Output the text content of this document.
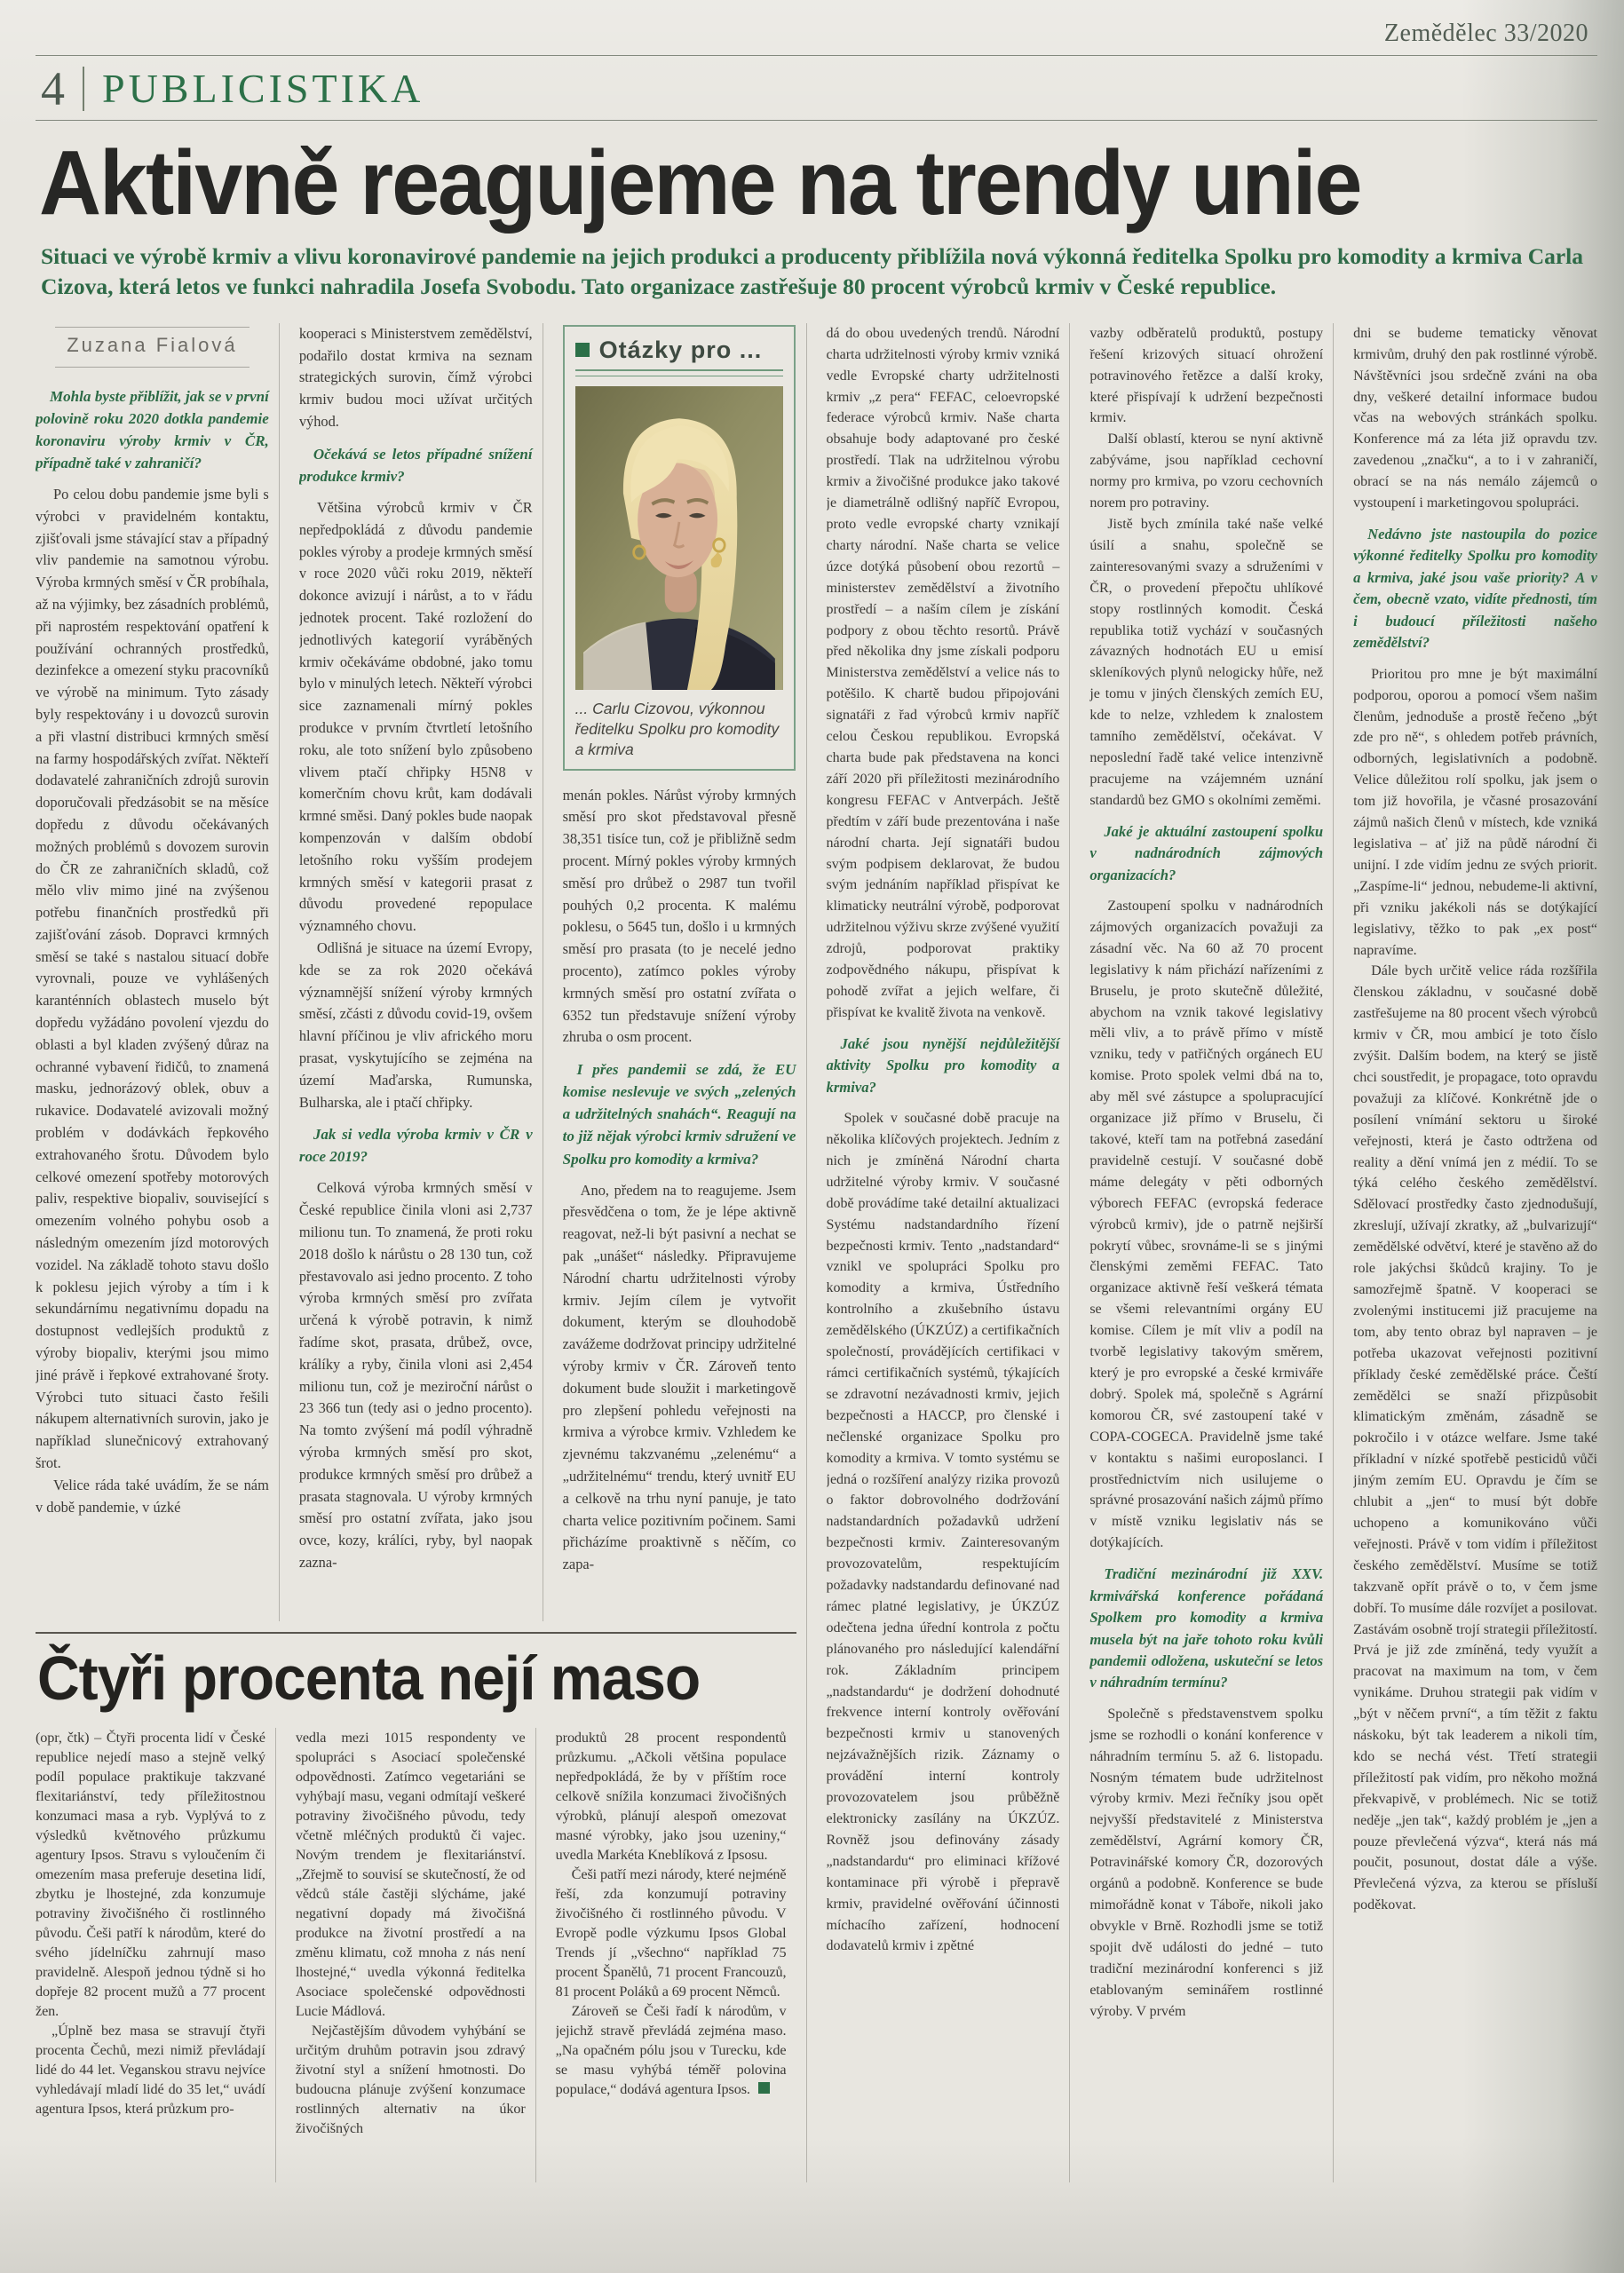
Zemědělec 33/2020
4 PUBLICISTIKA
Aktivně reagujeme na trendy unie
Situaci ve výrobě krmiv a vlivu koronavirové pandemie na jejich produkci a producenty přiblížila nová výkonná ředitelka Spolku pro komodity a krmiva Carla Cizova, která letos ve funkci nahradila Josefa Svobodu. Tato organizace zastřešuje 80 procent výrobců krmiv v České republice.
Zuzana Fialová

Mohla byste přiblížit, jak se v první polovině roku 2020 dotkla pandemie koronaviru výroby krmiv v ČR, případně také v zahraničí?

Po celou dobu pandemie jsme byli s výrobci v pravidelném kontaktu, zjišťovali jsme stávající stav a případný vliv pandemie na samotnou výrobu. Výroba krmných směsí v ČR probíhala, až na výjimky, bez zásadních problémů, při naprostém respektování opatření k používání ochranných prostředků, dezinfekce a omezení styku pracovníků ve výrobě na minimum. Tyto zásady byly respektovány i u dovozců surovin a při vlastní distribuci krmných směsí na farmy hospodářských zvířat. Někteří dodavatelé zahraničních zdrojů surovin doporučovali předzásobit se na měsíce dopředu z důvodu očekávaných možných problémů s dovozem surovin do ČR ze zahraničních skladů, což mělo vliv mimo jiné na zvýšenou potřebu finančních prostředků při zajišťování zásob. Dopravci krmných směsí se také s nastalou situací dobře vyrovnali, pouze ve vyhlášených karanténních oblastech muselo být dopředu vyžádáno povolení vjezdu do oblasti a byl kladen zvýšený důraz na ochranné vybavení řidičů, to znamená masku, jednorázový oblek, obuv a rukavice. Dodavatelé avizovali možný problém v dodávkách řepkového extrahovaného šrotu. Důvodem bylo celkové omezení spotřeby motorových paliv, respektive biopaliv, související s omezením volného pohybu osob a následným omezením jízd motorových vozidel. Na základě tohoto stavu došlo k poklesu jejich výroby a tím i k sekundárnímu negativnímu dopadu na dostupnost vedlejších produktů z výroby biopaliv, kterými jsou mimo jiné právě i řepkové extrahované šroty. Výrobci tuto situaci často řešili nákupem alternativních surovin, jako je například slunečnicový extrahovaný šrot.

Velice ráda také uvádím, že se nám v době pandemie, v úzké

kooperaci s Ministerstvem zemědělství, podařilo dostat krmiva na seznam strategických surovin, čímž výrobci krmiv budou moci užívat určitých výhod.

Očekává se letos případné snížení produkce krmiv?

Většina výrobců krmiv v ČR nepředpokládá z důvodu pandemie pokles výroby a prodeje krmných směsí v roce 2020 vůči roku 2019, někteří dokonce avizují i nárůst, a to v řádu jednotek procent. Také rozložení do jednotlivých kategorií vyráběných krmiv očekáváme obdobné, jako tomu bylo v minulých letech. Někteří výrobci sice zaznamenali mírný pokles produkce v prvním čtvrtletí letošního roku, ale toto snížení bylo způsobeno vlivem ptačí chřipky H5N8 v komerčním chovu krůt, kam dodávali krmné směsi. Daný pokles bude naopak kompenzován v dalším období letošního roku vyšším prodejem krmných směsí v kategorii prasat z důvodu provedené repopulace významného chovu.

Odlišná je situace na území Evropy, kde se za rok 2020 očekává významnější snížení výroby krmných směsí, zčásti z důvodu covid-19, ovšem hlavní příčinou je vliv afrického moru prasat, vyskytujícího se zejména na území Maďarska, Rumunska, Bulharska, ale i ptačí chřipky.

Jak si vedla výroba krmiv v ČR v roce 2019?

Celková výroba krmných směsí v České republice činila vloni asi 2,737 milionu tun. To znamená, že proti roku 2018 došlo k nárůstu o 28 130 tun, což přestavovalo asi jedno procento. Z toho výroba krmných směsí pro zvířata určená k výrobě potravin, k nimž řadíme skot, prasata, drůbež, ovce, králíky a ryby, činila vloni asi 2,454 milionu tun, což je meziroční nárůst o 23 366 tun (tedy asi o jedno procento). Na tomto zvýšení má podíl výhradně výroba krmných směsí pro skot, produkce krmných směsí pro drůbež a prasata stagnovala. U výroby krmných směsí pro ostatní zvířata, jako jsou ovce, kozy, králíci, ryby, byl naopak zazna-

Otázky pro ...
... Carlu Cizovou, výkonnou ředitelku Spolku pro komodity a krmiva

menán pokles. Nárůst výroby krmných směsí pro skot představoval přesně 38,351 tisíce tun, což je přibližně sedm procent. Mírný pokles výroby krmných směsí pro drůbež o 2987 tun tvořil pouhých 0,2 procenta. K malému poklesu, o 5645 tun, došlo i u krmných směsí pro prasata (to je necelé jedno procento), zatímco pokles výroby krmných směsí pro ostatní zvířata o 6352 tun představuje snížení výroby zhruba o osm procent.

I přes pandemii se zdá, že EU komise neslevuje ve svých „zelených a udržitelných snahách“. Reagují na to již nějak výrobci krmiv sdružení ve Spolku pro komodity a krmiva?

Ano, předem na to reagujeme. Jsem přesvědčena o tom, že je lépe aktivně reagovat, než-li být pasivní a nechat se pak „unášet“ následky. Připravujeme Národní chartu udržitelnosti výroby krmiv. Jejím cílem je vytvořit dokument, kterým se dlouhodobě zavážeme dodržovat principy udržitelné výroby krmiv v ČR. Zároveň tento dokument bude sloužit i marketingově pro zlepšení pohledu veřejnosti na krmiva a výrobce krmiv. Vzhledem ke zjevnému takzvanému „zelenému“ a „udržitelnému“ trendu, který uvnitř EU a celkově na trhu nyní panuje, je tato charta velice pozitivním počinem. Sami přicházíme proaktivně s něčím, co zapa-

dá do obou uvedených trendů. Národní charta udržitelnosti výroby krmiv vzniká vedle Evropské charty udržitelnosti krmiv „z pera“ FEFAC, celoevropské federace výrobců krmiv. Naše charta obsahuje body adaptované pro české prostředí. Tlak na udržitelnou výrobu krmiv a živočišné produkce jako takové je diametrálně odlišný napříč Evropou, proto vedle evropské charty vznikají charty národní. Naše charta se velice úzce dotýká působení obou rezortů – ministerstev zemědělství a životního prostředí – a naším cílem je získání podpory z obou těchto resortů. Právě před několika dny jsme získali podporu Ministerstva zemědělství a velice nás to potěšilo. K chartě budou připojováni signatáři z řad výrobců krmiv napříč celou Českou republikou. Evropská charta bude pak představena na konci září 2020 při příležitosti mezinárodního kongresu FEFAC v Antverpách. Ještě předtím v září bude prezentována i naše národní charta. Její signatáři budou svým podpisem deklarovat, že budou svým jednáním například přispívat ke klimaticky neutrální výrobě, podporovat udržitelnou výživu skrze zvýšené využití zdrojů, podporovat praktiky zodpovědného nákupu, přispívat k pohodě zvířat a jejich welfare, či přispívat ke kvalitě života na venkově.

Jaké jsou nynější nejdůležitější aktivity Spolku pro komodity a krmiva?

Spolek v současné době pracuje na několika klíčových projektech. Jedním z nich je zmíněná Národní charta udržitelné výroby krmiv. V současné době provádíme také detailní aktualizaci Systému nadstandardního řízení bezpečnosti krmiv. Tento „nadstandard“ vznikl ve spolupráci Spolku pro komodity a krmiva, Ústředního kontrolního a zkušebního ústavu zemědělského (ÚKZÚZ) a certifikačních společností, provádějících certifikaci v rámci certifikačních systémů, týkajících se zdravotní nezávadnosti krmiv, jejich bezpečnosti a HACCP, pro členské i nečlenské organizace Spolku pro komodity a krmiva. V tomto systému se jedná o rozšíření analýzy rizika provozů o faktor dobrovolného dodržování nadstandardních požadavků udržení bezpečnosti krmiv. Zainteresovaným provozovatelům, respektujícím požadavky nadstandardu definované nad rámec platné legislativy, je ÚKZÚZ odečtena jedna úřední kontrola z počtu plánovaného pro následující kalendářní rok. Základním principem „nadstandardu“ je dodržení dohodnuté frekvence interní kontroly ověřování bezpečnosti krmiv u stanovených nejzávažnějších rizik. Záznamy o provádění interní kontroly provozovatelem jsou průběžně elektronicky zasílány na ÚKZÚZ. Rovněž jsou definovány zásady „nadstandardu“ pro eliminaci křížové kontaminace při výrobě i přepravě krmiv, pravidelné ověřování účinnosti míchacího zařízení, hodnocení dodavatelů krmiv i zpětné

vazby odběratelů produktů, postupy řešení krizových situací ohrožení potravinového řetězce a další kroky, které přispívají k udržení bezpečnosti krmiv.

Další oblastí, kterou se nyní aktivně zabýváme, jsou například cechovní normy pro krmiva, po vzoru cechovních norem pro potraviny.

Jistě bych zmínila také naše velké úsilí a snahu, společně se zainteresovanými svazy a sdruženími v ČR, o provedení přepočtu uhlíkové stopy rostlinných komodit. Česká republika totiž vychází v současných závazných hodnotách EU u emisí skleníkových plynů nelogicky hůře, než je tomu v jiných členských zemích EU, kde to nelze, vzhledem k znalostem tamního zemědělství, očekávat. V neposlední řadě také velice intenzivně pracujeme na vzájemném uznání standardů bez GMO s okolními zeměmi.

Jaké je aktuální zastoupení spolku v nadnárodních zájmových organizacích?

Zastoupení spolku v nadnárodních zájmových organizacích považuji za zásadní věc. Na 60 až 70 procent legislativy k nám přichází nařízeními z Bruselu, je proto skutečně důležité, abychom na vznik takové legislativy měli vliv, a to právě přímo v místě vzniku, tedy v patřičných orgánech EU komise. Proto spolek velmi dbá na to, aby měl své zástupce a spolupracující organizace již přímo v Bruselu, či takové, kteří tam na potřebná zasedání pravidelně cestují. V současné době máme delegáty v pěti odborných výborech FEFAC (evropská federace výrobců krmiv), jde o patrně nejširší pokrytí vůbec, srovnáme-li se s jinými členskými zeměmi FEFAC. Tato organizace aktivně řeší veškerá témata se všemi relevantními orgány EU komise. Cílem je mít vliv a podíl na tvorbě legislativy takovým směrem, který je pro evropské a české krmiváře dobrý. Spolek má, společně s Agrární komorou ČR, své zastoupení také v COPA-COGECA. Pravidelně jsme také v kontaktu s našimi europoslanci. I prostřednictvím nich usilujeme o správné prosazování našich zájmů přímo v místě vzniku legislativ nás se dotýkajících.

Tradiční mezinárodní již XXV. krmivářská konference pořádaná Spolkem pro komodity a krmiva musela být na jaře tohoto roku kvůli pandemii odložena, uskuteční se letos v náhradním termínu?

Společně s představenstvem spolku jsme se rozhodli o konání konference v náhradním termínu 5. až 6. listopadu. Nosným tématem bude udržitelnost výroby krmiv. Mezi řečníky jsou opět nejvyšší představitelé z Ministerstva zemědělství, Agrární komory ČR, Potravinářské komory ČR, dozorových orgánů a podobně. Konference se bude mimořádně konat v Táboře, nikoli jako obvykle v Brně. Rozhodli jsme se totiž spojit dvě události do jedné – tuto tradiční mezinárodní konferenci s již etablovaným seminářem rostlinné výroby. V prvém

dni se budeme tematicky věnovat krmivům, druhý den pak rostlinné výrobě. Návštěvníci jsou srdečně zváni na oba dny, veškeré detailní informace budou včas na webových stránkách spolku. Konference má za léta již opravdu tzv. zavedenou „značku“, a to i v zahraničí, obrací se na nás nemálo zájemců o vystoupení i marketingovou spolupráci.

Nedávno jste nastoupila do pozice výkonné ředitelky Spolku pro komodity a krmiva, jaké jsou vaše priority? A v čem, obecně vzato, vidíte přednosti, tím i budoucí příležitosti našeho zemědělství?

Prioritou pro mne je být maximální podporou, oporou a pomocí všem našim členům, jednoduše a prostě řečeno „být zde pro ně“, s ohledem potřeb právních, odborných, legislativních a podobně. Velice důležitou rolí spolku, jak jsem o tom již hovořila, je včasné prosazování zájmů našich členů v místech, kde vzniká legislativa – ať již na půdě národní či unijní. I zde vidím jednu ze svých priorit. „Zaspíme-li“ jednou, nebudeme-li aktivní, při vzniku jakékoli nás se dotýkající legislativy, těžko to pak „ex post“ napravíme.

Dále bych určitě velice ráda rozšířila členskou základnu, v současné době zastřešujeme na 80 procent všech výrobců krmiv v ČR, mou ambicí je toto číslo zvýšit. Dalším bodem, na který se jistě chci soustředit, je propagace, toto opravdu považuji za klíčové. Konkrétně jde o posílení vnímání sektoru u široké veřejnosti, která je často odtržena od reality a dění vnímá jen z médií. To se týká celého českého zemědělství. Sdělovací prostředky často zjednodušují, zkreslují, užívají zkratky, až „bulvarizují“ zemědělské odvětví, které je stavěno až do role jakýchsi škůdců krajiny. To je samozřejmě špatně. V kooperaci se zvolenými institucemi již pracujeme na tom, aby tento obraz byl napraven – je potřeba ukazovat veřejnosti pozitivní příklady české zemědělské práce. Čeští zemědělci se snaží přizpůsobit klimatickým změnám, zásadně se pokročilo i v otázce welfare. Jsme také příkladní v nízké spotřebě pesticidů vůči jiným zemím EU. Opravdu je čím se chlubit a „jen“ to musí být dobře uchopeno a komunikováno vůči veřejnosti. Právě v tom vidím i příležitost českého zemědělství. Musíme se totiž takzvaně opřít právě o to, v čem jsme dobří. To musíme dále rozvíjet a posilovat. Zastávám osobně trojí strategii příležitostí. Prvá je již zde zmíněná, tedy využít a pracovat na maximum na tom, v čem vynikáme. Druhou strategii pak vidím v „být v něčem první“, a tím těžit z faktu náskoku, být tak leaderem a nikoli tím, kdo se nechá vést. Třetí strategii příležitostí pak vidím, pro někoho možná překvapivě, v problémech. Nic se totiž neděje „jen tak“, každý problém je „jen a pouze převlečená výzva“, která nás má poučit, posunout, dostat dále a výše. Převlečená výzva, za kterou se přísluší poděkovat.

Čtyři procenta nejí maso

(opr, čtk) – Čtyři procenta lidí v České republice nejedí maso a stejně velký podíl populace praktikuje takzvané flexitariánství, tedy příležitostnou konzumaci masa a ryb. Vyplývá to z výsledků květnového průzkumu agentury Ipsos. Stravu s vyloučením či omezením masa preferuje desetina lidí, zbytku je lhostejné, zda konzumuje potraviny živočišného či rostlinného původu. Češi patří k národům, které do svého jídelníčku zahrnují maso pravidelně. Alespoň jednou týdně si ho dopřeje 82 procent mužů a 77 procent žen.

„Úplně bez masa se stravují čtyři procenta Čechů, mezi nimiž převládají lidé do 44 let. Veganskou stravu nejvíce vyhledávají mladí lidé do 35 let,“ uvádí agentura Ipsos, která průzkum pro-

vedla mezi 1015 respondenty ve spolupráci s Asociací společenské odpovědnosti. Zatímco vegetariáni se vyhýbají masu, vegani odmítají veškeré potraviny živočišného původu, tedy včetně mléčných produktů či vajec. Novým trendem je flexitariánství. „Zřejmě to souvisí se skutečností, že od vědců stále častěji slýcháme, jaké negativní dopady má živočišná produkce na životní prostředí a na změnu klimatu, což mnoha z nás není lhostejné,“ uvedla výkonná ředitelka Asociace společenské odpovědnosti Lucie Mádlová.

Nejčastějším důvodem vyhýbání se určitým druhům potravin jsou zdravý životní styl a snížení hmotnosti. Do budoucna plánuje zvýšení konzumace rostlinných alternativ na úkor živočišných

produktů 28 procent respondentů průzkumu. „Ačkoli většina populace nepředpokládá, že by v příštím roce celkově snížila konzumaci živočišných výrobků, plánují alespoň omezovat masné výrobky, jako jsou uzeniny,“ uvedla Markéta Kneblíková z Ipsosu.

Češi patří mezi národy, které nejméně řeší, zda konzumují potraviny živočišného či rostlinného původu. V Evropě podle výzkumu Ipsos Global Trends jí „všechno“ například 75 procent Španělů, 71 procent Francouzů, 81 procent Poláků a 69 procent Němců.

Zároveň se Češi řadí k národům, v jejichž stravě převládá zejména maso. „Na opačném pólu jsou v Turecku, kde se masu vyhýbá téměř polovina populace,“ dodává agentura Ipsos.
